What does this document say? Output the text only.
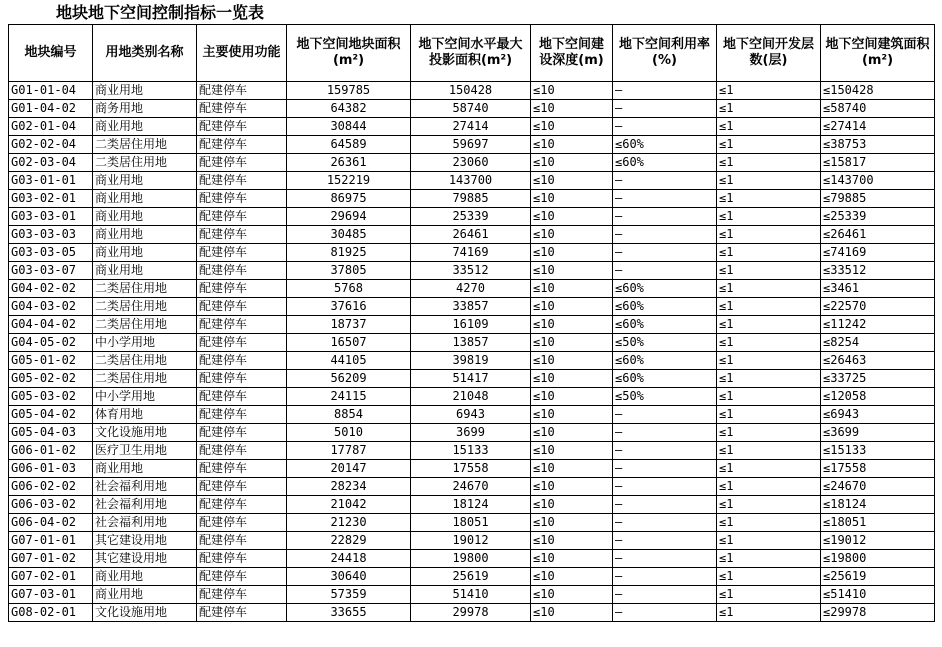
地块地下空间控制指标一览表
地块编号	用地类别名称	主要使用功能	地下空间地块面积(m²)	地下空间水平最大投影面积(m²)	地下空间建设深度(m)	地下空间利用率(%)	地下空间开发层数(层)	地下空间建筑面积(m²)
G01-01-04	商业用地	配建停车	159785	150428	≤10	—	≤1	≤150428
G01-04-02	商务用地	配建停车	64382	58740	≤10	—	≤1	≤58740
G02-01-04	商业用地	配建停车	30844	27414	≤10	—	≤1	≤27414
G02-02-04	二类居住用地	配建停车	64589	59697	≤10	≤60%	≤1	≤38753
G02-03-04	二类居住用地	配建停车	26361	23060	≤10	≤60%	≤1	≤15817
G03-01-01	商业用地	配建停车	152219	143700	≤10	—	≤1	≤143700
G03-02-01	商业用地	配建停车	86975	79885	≤10	—	≤1	≤79885
G03-03-01	商业用地	配建停车	29694	25339	≤10	—	≤1	≤25339
G03-03-03	商业用地	配建停车	30485	26461	≤10	—	≤1	≤26461
G03-03-05	商业用地	配建停车	81925	74169	≤10	—	≤1	≤74169
G03-03-07	商业用地	配建停车	37805	33512	≤10	—	≤1	≤33512
G04-02-02	二类居住用地	配建停车	5768	4270	≤10	≤60%	≤1	≤3461
G04-03-02	二类居住用地	配建停车	37616	33857	≤10	≤60%	≤1	≤22570
G04-04-02	二类居住用地	配建停车	18737	16109	≤10	≤60%	≤1	≤11242
G04-05-02	中小学用地	配建停车	16507	13857	≤10	≤50%	≤1	≤8254
G05-01-02	二类居住用地	配建停车	44105	39819	≤10	≤60%	≤1	≤26463
G05-02-02	二类居住用地	配建停车	56209	51417	≤10	≤60%	≤1	≤33725
G05-03-02	中小学用地	配建停车	24115	21048	≤10	≤50%	≤1	≤12058
G05-04-02	体育用地	配建停车	8854	6943	≤10	—	≤1	≤6943
G05-04-03	文化设施用地	配建停车	5010	3699	≤10	—	≤1	≤3699
G06-01-02	医疗卫生用地	配建停车	17787	15133	≤10	—	≤1	≤15133
G06-01-03	商业用地	配建停车	20147	17558	≤10	—	≤1	≤17558
G06-02-02	社会福利用地	配建停车	28234	24670	≤10	—	≤1	≤24670
G06-03-02	社会福利用地	配建停车	21042	18124	≤10	—	≤1	≤18124
G06-04-02	社会福利用地	配建停车	21230	18051	≤10	—	≤1	≤18051
G07-01-01	其它建设用地	配建停车	22829	19012	≤10	—	≤1	≤19012
G07-01-02	其它建设用地	配建停车	24418	19800	≤10	—	≤1	≤19800
G07-02-01	商业用地	配建停车	30640	25619	≤10	—	≤1	≤25619
G07-03-01	商业用地	配建停车	57359	51410	≤10	—	≤1	≤51410
G08-02-01	文化设施用地	配建停车	33655	29978	≤10	—	≤1	≤29978
